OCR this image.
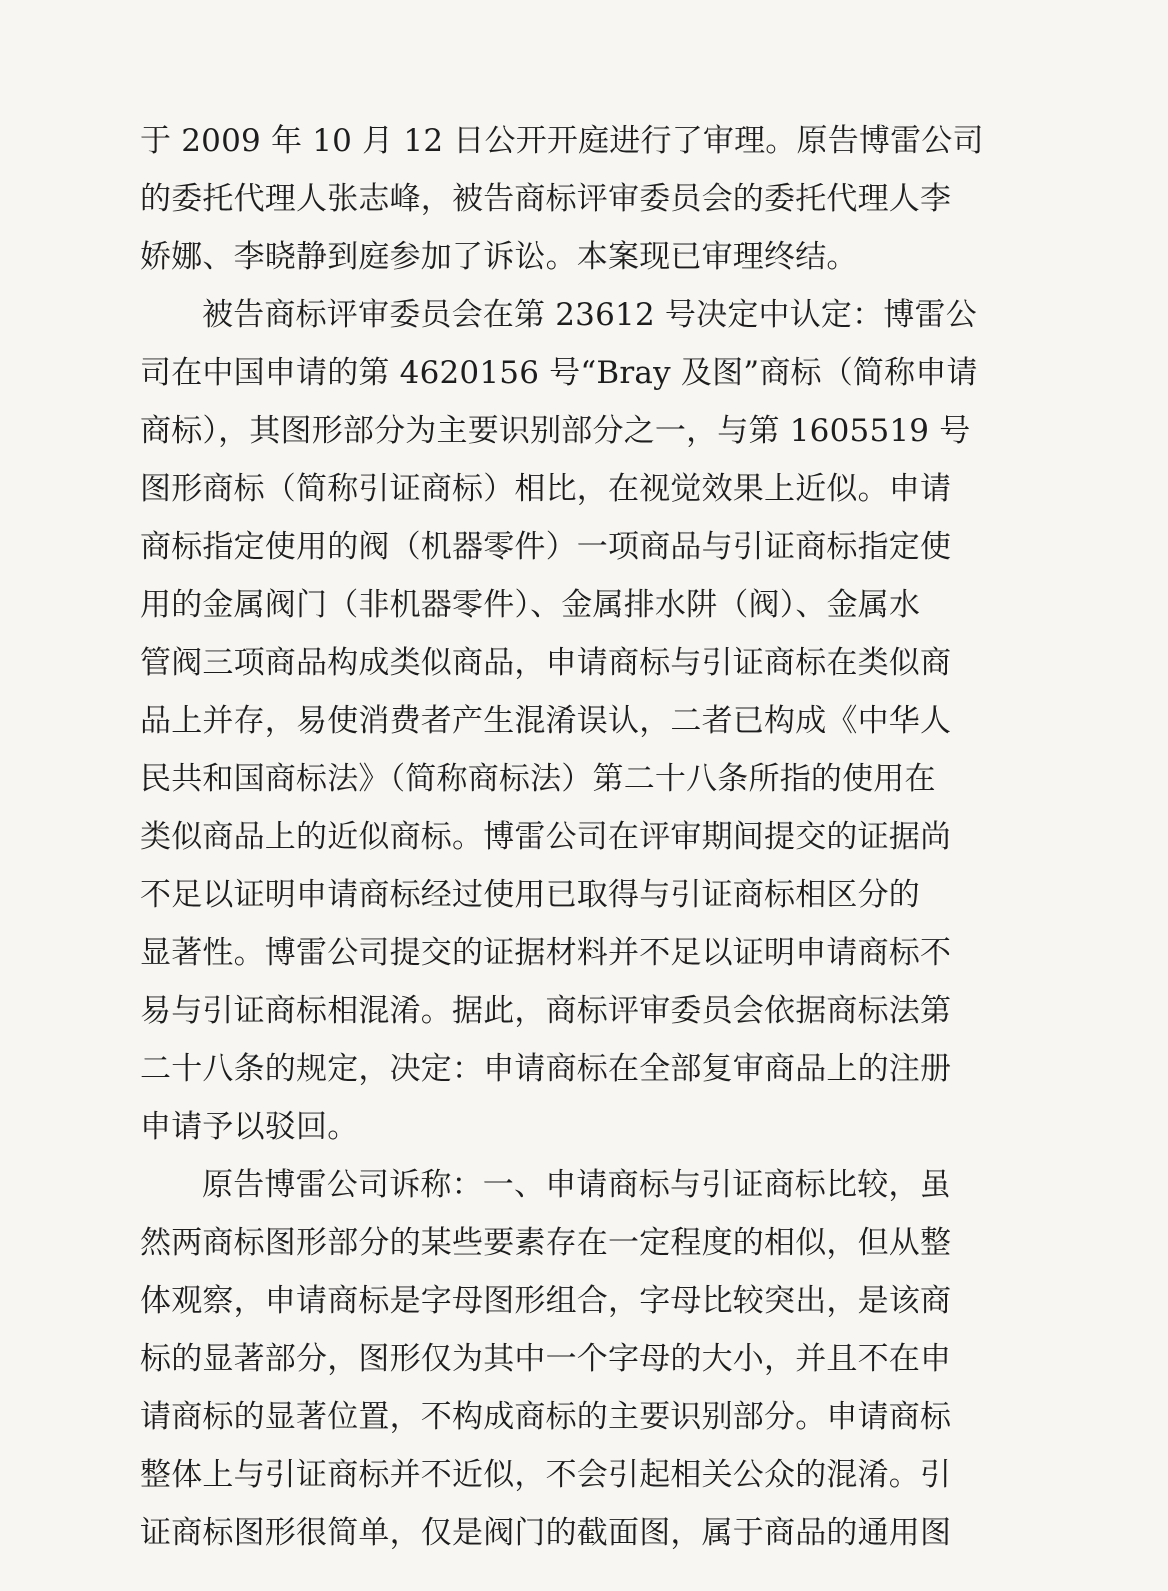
于 2009 年 10 月 12 日公开开庭进行了审理。原告博雷公司
的委托代理人张志峰，被告商标评审委员会的委托代理人李
娇娜、李晓静到庭参加了诉讼。本案现已审理终结。
被告商标评审委员会在第 23612 号决定中认定：博雷公
司在中国申请的第 4620156 号“Bray 及图”商标（简称申请
商标），其图形部分为主要识别部分之一，与第 1605519 号
图形商标（简称引证商标）相比，在视觉效果上近似。申请
商标指定使用的阀（机器零件）一项商品与引证商标指定使
用的金属阀门（非机器零件）、金属排水阱（阀）、金属水
管阀三项商品构成类似商品，申请商标与引证商标在类似商
品上并存，易使消费者产生混淆误认，二者已构成《中华人
民共和国商标法》（简称商标法）第二十八条所指的使用在
类似商品上的近似商标。博雷公司在评审期间提交的证据尚
不足以证明申请商标经过使用已取得与引证商标相区分的
显著性。博雷公司提交的证据材料并不足以证明申请商标不
易与引证商标相混淆。据此，商标评审委员会依据商标法第
二十八条的规定，决定：申请商标在全部复审商品上的注册
申请予以驳回。
原告博雷公司诉称：一、申请商标与引证商标比较，虽
然两商标图形部分的某些要素存在一定程度的相似，但从整
体观察，申请商标是字母图形组合，字母比较突出，是该商
标的显著部分，图形仅为其中一个字母的大小，并且不在申
请商标的显著位置，不构成商标的主要识别部分。申请商标
整体上与引证商标并不近似，不会引起相关公众的混淆。引
证商标图形很简单，仅是阀门的截面图，属于商品的通用图
